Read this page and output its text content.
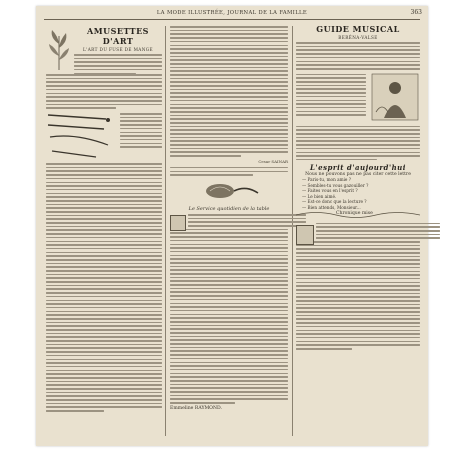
LA MODE ILLUSTRÉE, JOURNAL DE LA FAMILLE	363
AMUSETTES D'ART
L'ART DU FUSE DE MANGE
Cesar SAINAR
Le Service quotidien de la table
Emmeline RAYMOND.
GUIDE MUSICAL
BERÊNA-VALSE
L'esprit d'aujourd'hui
Nous ne pouvons pas ne pas citer cette lettre
— Paris-tu, mon amie ?
— Sembles-tu vous gazouiller ?
— Faites vous en l'esprit ?
— Le bien aimé.
— Est-ce donc que la lecture ?
— Bien attends, Monsieur...
Chronique mise
